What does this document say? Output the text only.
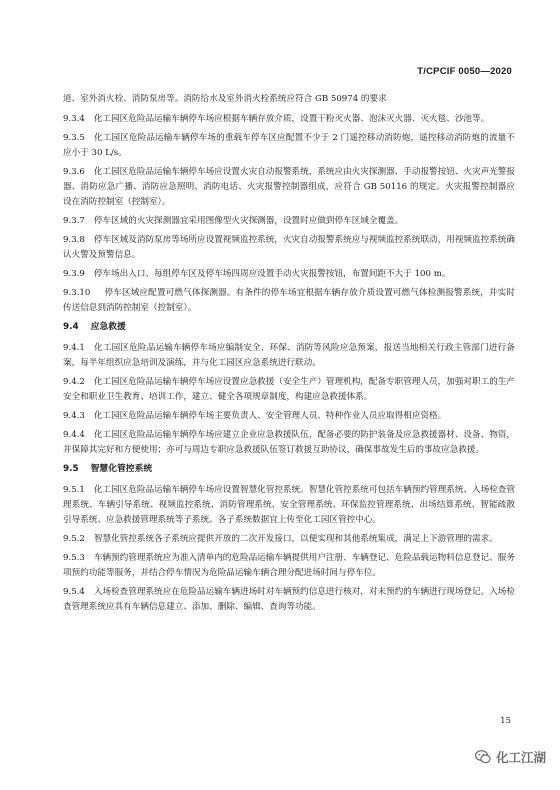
T/CPCIF 0050—2020

道、室外消火栓、消防泵房等。消防给水及室外消火栓系统应符合 GB 50974 的要求

9.3.4 化工园区危险品运输车辆停车场应根据车辆存放介质，设置干粉灭火器、泡沫灭火器、灭火毯、沙池等。

9.3.5 化工园区危险品运输车辆停车场的重载车停车区应配置不少于 2 门遥控移动消防炮，遥控移动消防炮的流量不应小于 30 L/s。

9.3.6 化工园区危险品运输车辆停车场应设置火灾自动报警系统，系统应由火灾探测器、手动报警按钮、火灾声光警报器、消防应急广播、消防应急照明、消防电话、火灾报警控制器组成，应符合 GB 50116 的规定。火灾报警控制器应设在消防控制室（控制室）。

9.3.7 停车区域的火灾探测器宜采用图像型火灾探测器，设置时应做到停车区域全覆盖。

9.3.8 停车区域及消防泵房等场所应设置视频监控系统，火灾自动报警系统应与视频监控系统联动，用视频监控系统确认火警及预警信息。

9.3.9 停车场出入口、每组停车区及停车场四周应设置手动火灾报警按钮，布置间距不大于 100 m。

9.3.10 停车区域应配置可燃气体探测器。有条件的停车场宜根据车辆存放介质设置可燃气体检测报警系统，并实时传送信息到消防控制室（控制室）。

9.4 应急救援

9.4.1 化工园区危险品运输车辆停车场应编制安全、环保、消防等风险应急预案，报送当地相关行政主管部门进行备案，每半年组织应急培训及演练，并与化工园区应急系统进行联动。

9.4.2 化工园区危险品运输车辆停车场应设置应急救援（安全生产）管理机构，配备专职管理人员，加强对职工的生产安全和职业卫生教育、培训工作，建立、健全各项规章制度，构建应急救援体系。

9.4.3 化工园区危险品运输车辆停车场主要负责人、安全管理人员、特种作业人员应取得相应资格。

9.4.4 化工园区危险品运输车辆停车场应建立企业应急救援队伍，配备必要的防护装备及应急救援器材、设备、物资，并保障其完好和方便使用；亦可与周边专职应急救援队伍签订救援互助协议，确保事故发生后的事故应急救援。

9.5 智慧化管控系统

9.5.1 化工园区危险品运输车辆停车场应设置智慧化管控系统。智慧化管控系统可包括车辆预约管理系统、入场检查管理系统、车辆引导系统、视频监控系统、消防管理系统、安全管理系统、环保监控管理系统、出场结算系统、智能疏散引导系统、应急救援管理系统等子系统。各子系统数据宜上传至化工园区管控中心。

9.5.2 智慧化管控系统各子系统应提供开放的二次开发接口，以便实现和其他系统集成，满足上下游管理的需求。

9.5.3 车辆预约管理系统应为准入清单内的危险品运输车辆提供用户注册、车辆登记、危险品载运物料信息登记、服务项预约功能等服务，并结合停车情况为危险品运输车辆合理分配进场时间与停车位。

9.5.4 入场检查管理系统应在危险品运输车辆进场时对车辆预约信息进行核对，对未预约的车辆进行现场登记。入场检查管理系统应具有车辆信息建立、添加、删除、编辑、查询等功能。

15
化工江湖
